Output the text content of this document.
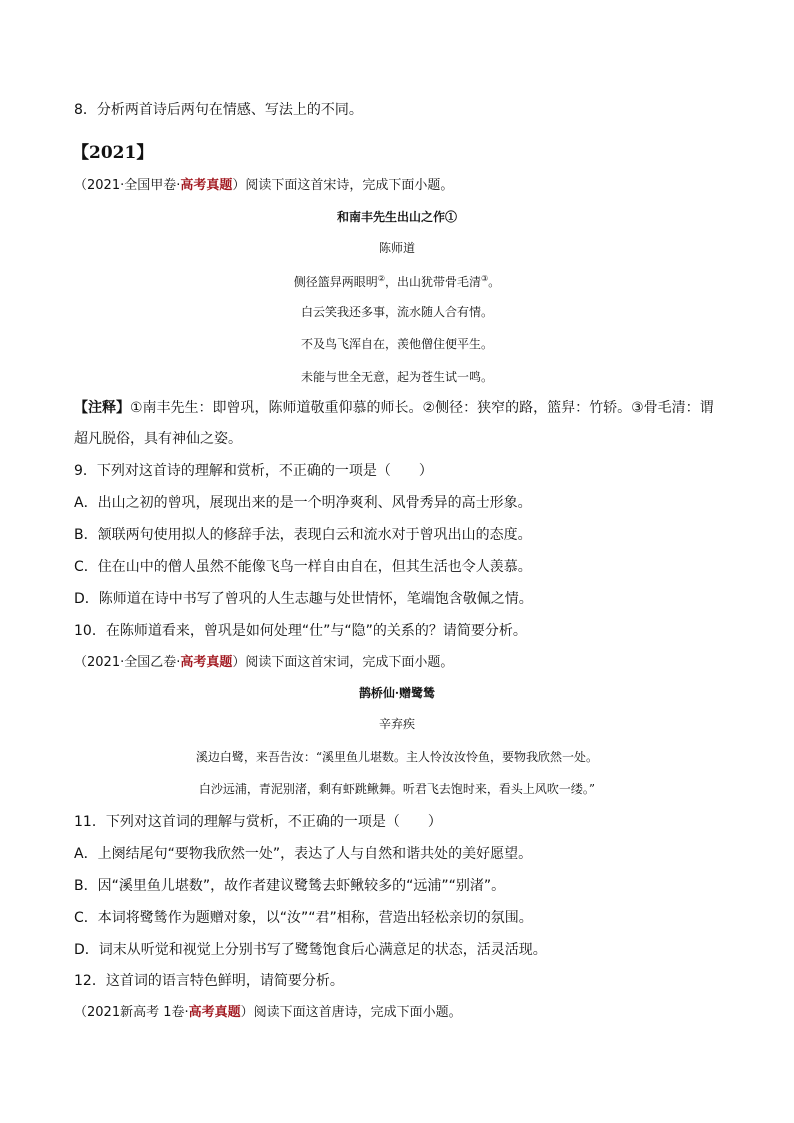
8．分析两首诗后两句在情感、写法上的不同。
【2021】
（2021·全国甲卷·高考真题）阅读下面这首宋诗，完成下面小题。
和南丰先生出山之作①
陈师道
侧径篮舁两眼明②，出山犹带骨毛清③。
白云笑我还多事，流水随人合有情。
不及鸟飞浑自在，羡他僧住便平生。
未能与世全无意，起为苍生试一鸣。
【注释】①南丰先生：即曾巩，陈师道敬重仰慕的师长。②侧径：狭窄的路，篮舁：竹轿。③骨毛清：谓
超凡脱俗，具有神仙之姿。
9．下列对这首诗的理解和赏析，不正确的一项是（　　）
A．出山之初的曾巩，展现出来的是一个明净爽利、风骨秀异的高士形象。
B．颔联两句使用拟人的修辞手法，表现白云和流水对于曾巩出山的态度。
C．住在山中的僧人虽然不能像飞鸟一样自由自在，但其生活也令人羡慕。
D．陈师道在诗中书写了曾巩的人生志趣与处世情怀，笔端饱含敬佩之情。
10．在陈师道看来，曾巩是如何处理“仕”与“隐”的关系的？请简要分析。
（2021·全国乙卷·高考真题）阅读下面这首宋词，完成下面小题。
鹊桥仙·赠鹭鸶
辛弃疾
溪边白鹭，来吾告汝：“溪里鱼儿堪数。主人怜汝汝怜鱼，要物我欣然一处。
白沙远浦，青泥别渚，剩有虾跳鳅舞。听君飞去饱时来，看头上风吹一缕。”
11．下列对这首词的理解与赏析，不正确的一项是（　　）
A．上阕结尾句“要物我欣然一处”，表达了人与自然和谐共处的美好愿望。
B．因“溪里鱼儿堪数”，故作者建议鹭鸶去虾鳅较多的“远浦”“别渚”。
C．本词将鹭鸶作为题赠对象，以“汝”“君”相称，营造出轻松亲切的氛围。
D．词末从听觉和视觉上分别书写了鹭鸶饱食后心满意足的状态，活灵活现。
12．这首词的语言特色鲜明，请简要分析。
（2021新高考 1卷·高考真题）阅读下面这首唐诗，完成下面小题。
